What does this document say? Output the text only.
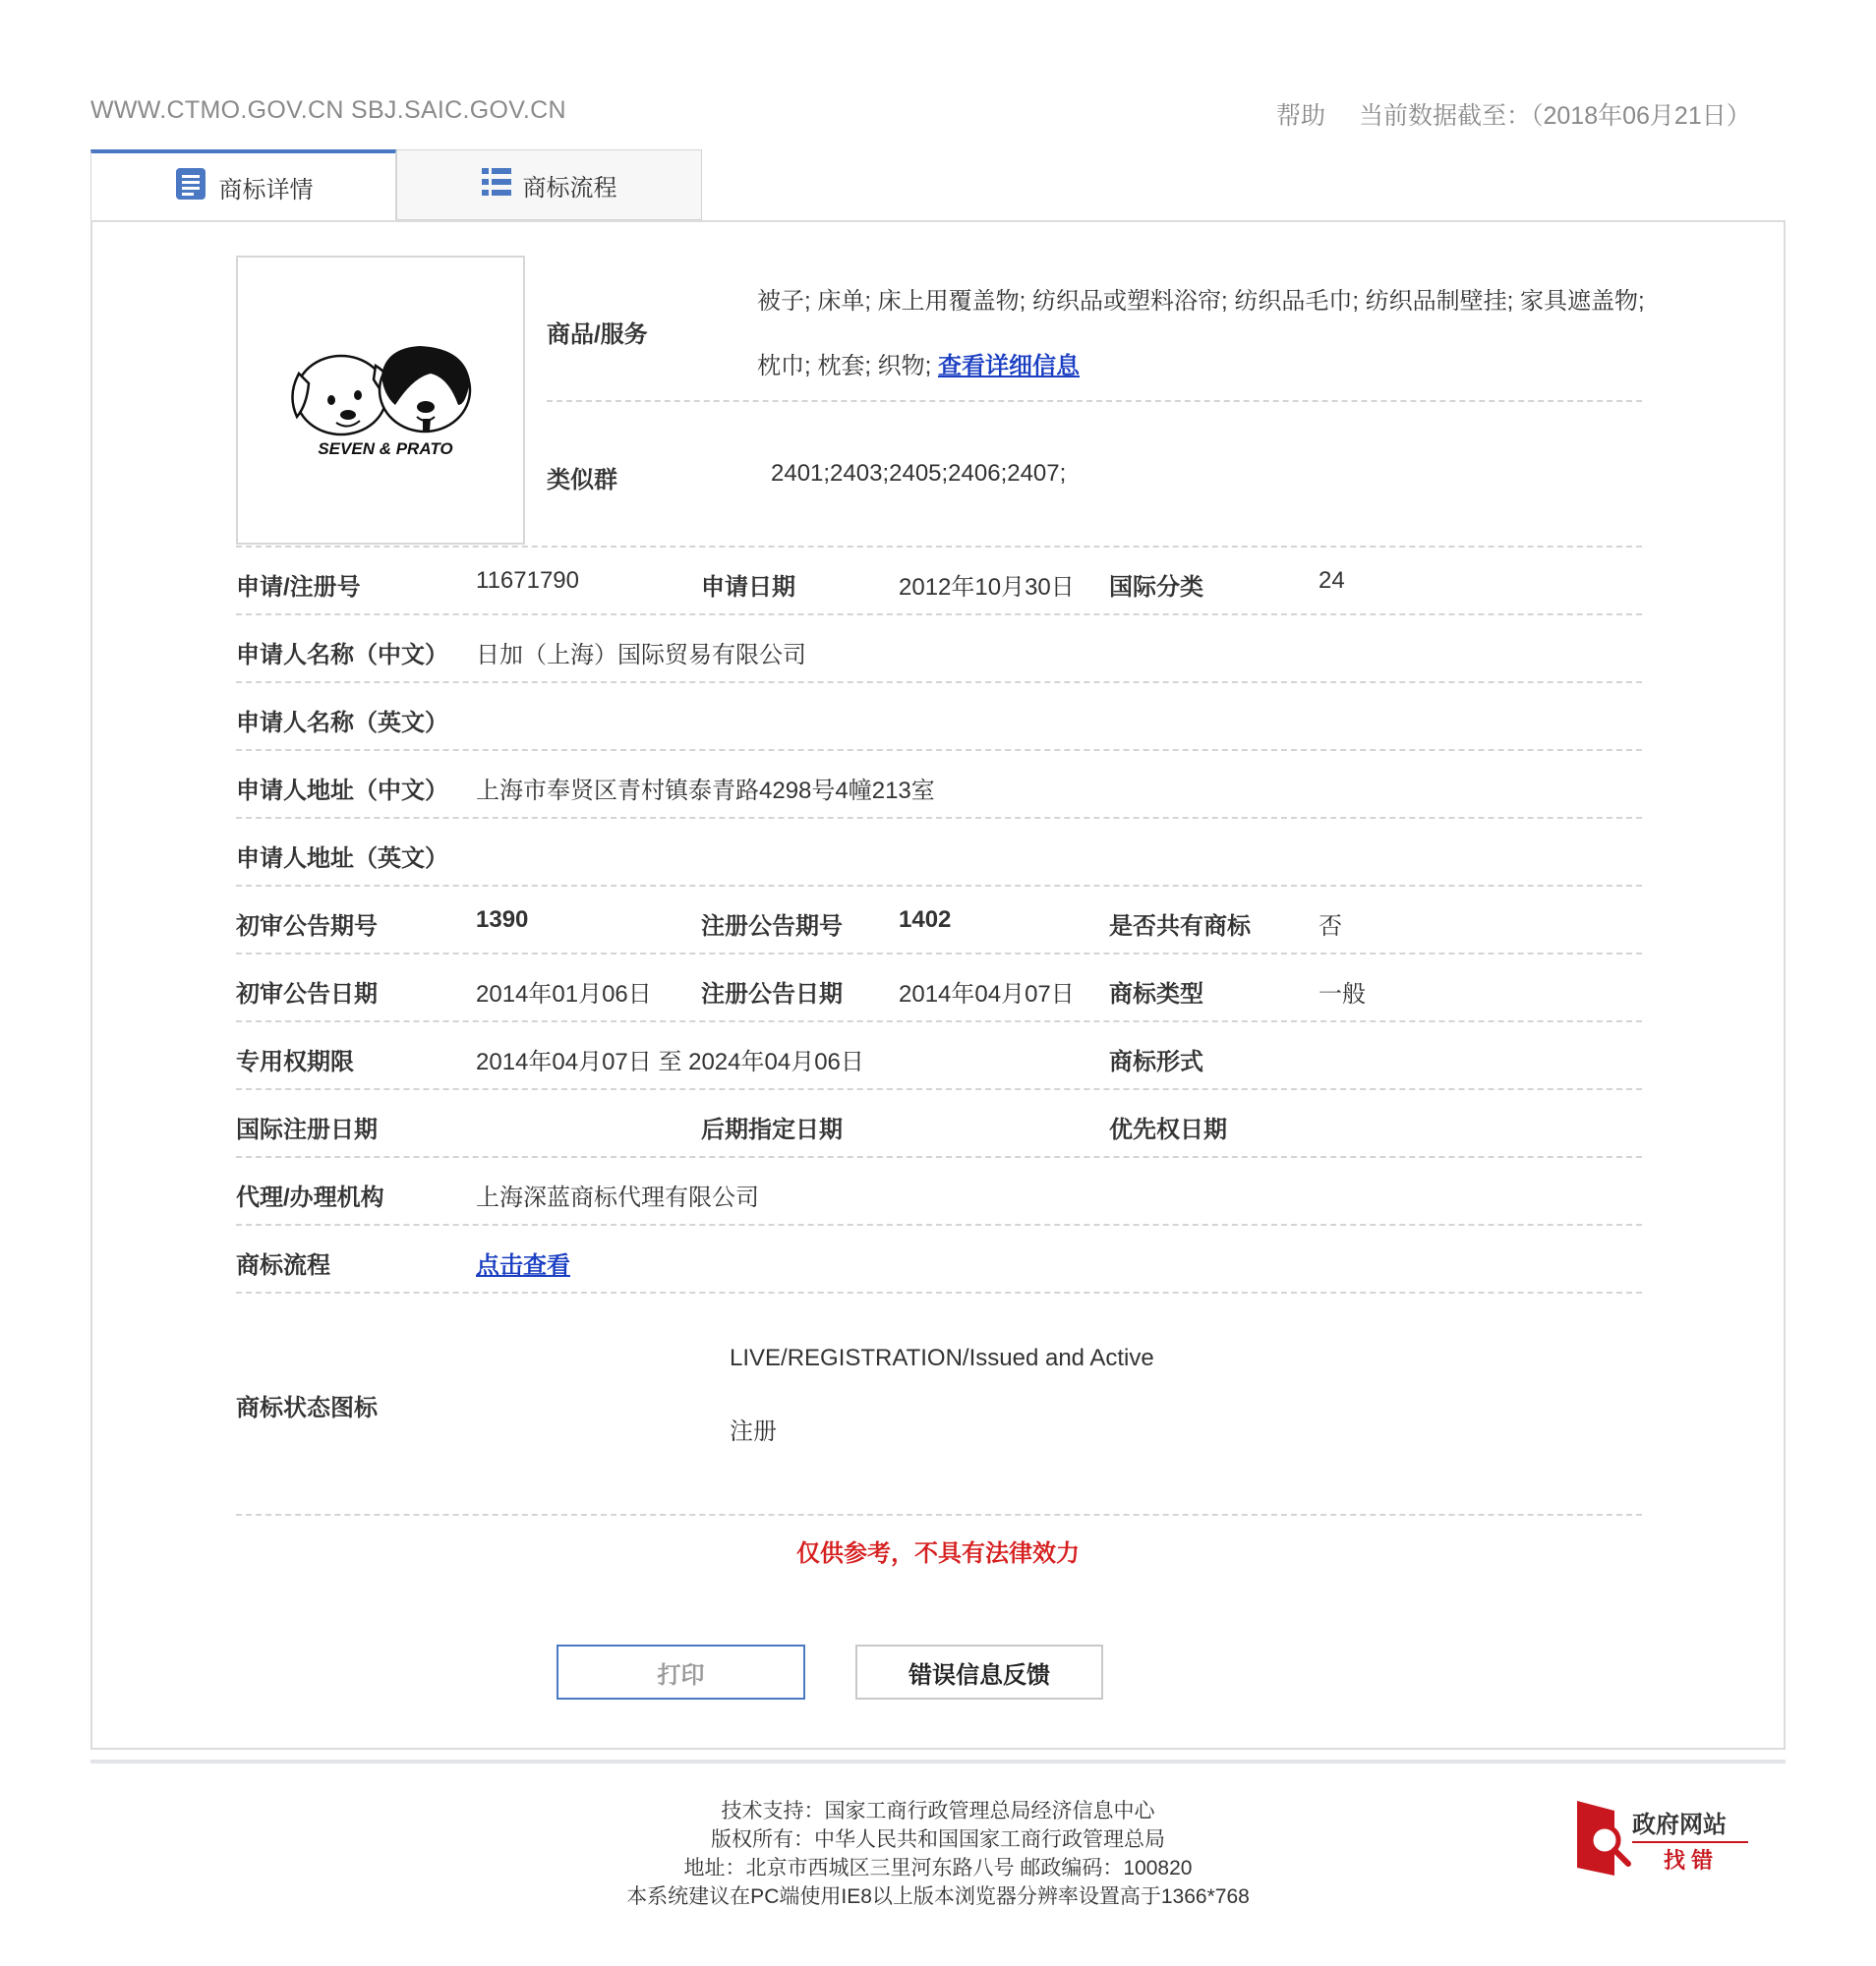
WWW.CTMO.GOV.CN SBJ.SAIC.GOV.CN	帮助 当前数据截至：（2018年06月21日）
商标详情	商标流程
SEVEN & PRATO
商品/服务
被子; 床单; 床上用覆盖物; 纺织品或塑料浴帘; 纺织品毛巾; 纺织品制壁挂; 家具遮盖物;
枕巾; 枕套; 织物; 查看详细信息
类似群	2401;2403;2405;2406;2407;
申请/注册号	11671790	申请日期	2012年10月30日 国际分类	24
申请人名称（中文） 日加（上海）国际贸易有限公司
申请人名称（英文）
申请人地址（中文） 上海市奉贤区青村镇泰青路4298号4幢213室
申请人地址（英文）
初审公告期号	1390	注册公告期号 1402	是否共有商标	否
初审公告日期	2014年01月06日 注册公告日期 2014年04月07日 商标类型	一般
专用权期限	2014年04月07日 至 2024年04月06日	商标形式
国际注册日期	后期指定日期	优先权日期
代理/办理机构	上海深蓝商标代理有限公司
商标流程	点击查看
商标状态图标
LIVE/REGISTRATION/Issued and Active
注册
仅供参考，不具有法律效力
打印	错误信息反馈
技术支持：国家工商行政管理总局经济信息中心
版权所有：中华人民共和国国家工商行政管理总局
地址：北京市西城区三里河东路八号 邮政编码：100820
本系统建议在PC端使用IE8以上版本浏览器分辨率设置高于1366*768
政府网站
找 错
